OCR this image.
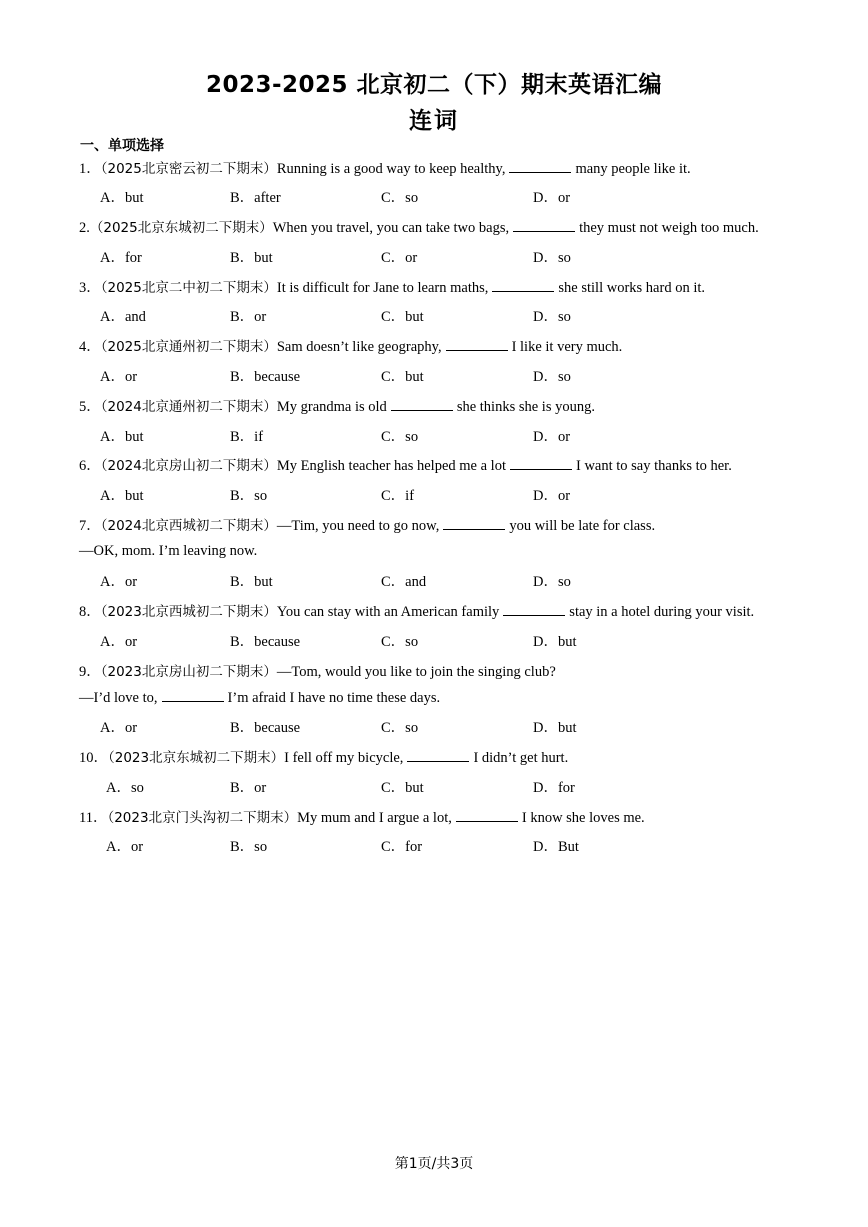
2023-2025 北京初二（下）期末英语汇编
连词
一、单项选择
1．（2025北京密云初二下期末）Running is a good way to keep healthy,	many people like it.
A．but	B．after	C．so	D．or
2.（2025北京东城初二下期末）When you travel, you can take two bags,	they must not weigh too much.
A．for	B．but	C．or	D．so
3．（2025北京二中初二下期末）It is difficult for Jane to learn maths,	she still works hard on it.
A．and	B．or	C．but	D．so
4．（2025北京通州初二下期末）Sam doesn’t like geography,	I like it very much.
A．or	B．because	C．but	D．so
5．（2024北京通州初二下期末）My grandma is old	she thinks she is young.
A．but	B．if	C．so	D．or
6．（2024北京房山初二下期末）My English teacher has helped me a lot	I want to say thanks to her.
A．but	B．so	C．if	D．or
7．（2024北京西城初二下期末）—Tim, you need to go now,	you will be late for class.
—OK, mom. I’m leaving now.
A．or	B．but	C．and	D．so
8．（2023北京西城初二下期末）You can stay with an American family	stay in a hotel during your visit.
A．or	B．because	C．so	D．but
9．（2023北京房山初二下期末）—Tom, would you like to join the singing club?
—I’d love to,	I’m afraid I have no time these days.
A．or	B．because	C．so	D．but
10．（2023北京东城初二下期末）I fell off my bicycle,	I didn’t get hurt.
A．so	B．or	C．but	D．for
11．（2023北京门头沟初二下期末）My mum and I argue a lot,	I know she loves me.
A．or	B．so	C．for	D．But
第1页/共3页
